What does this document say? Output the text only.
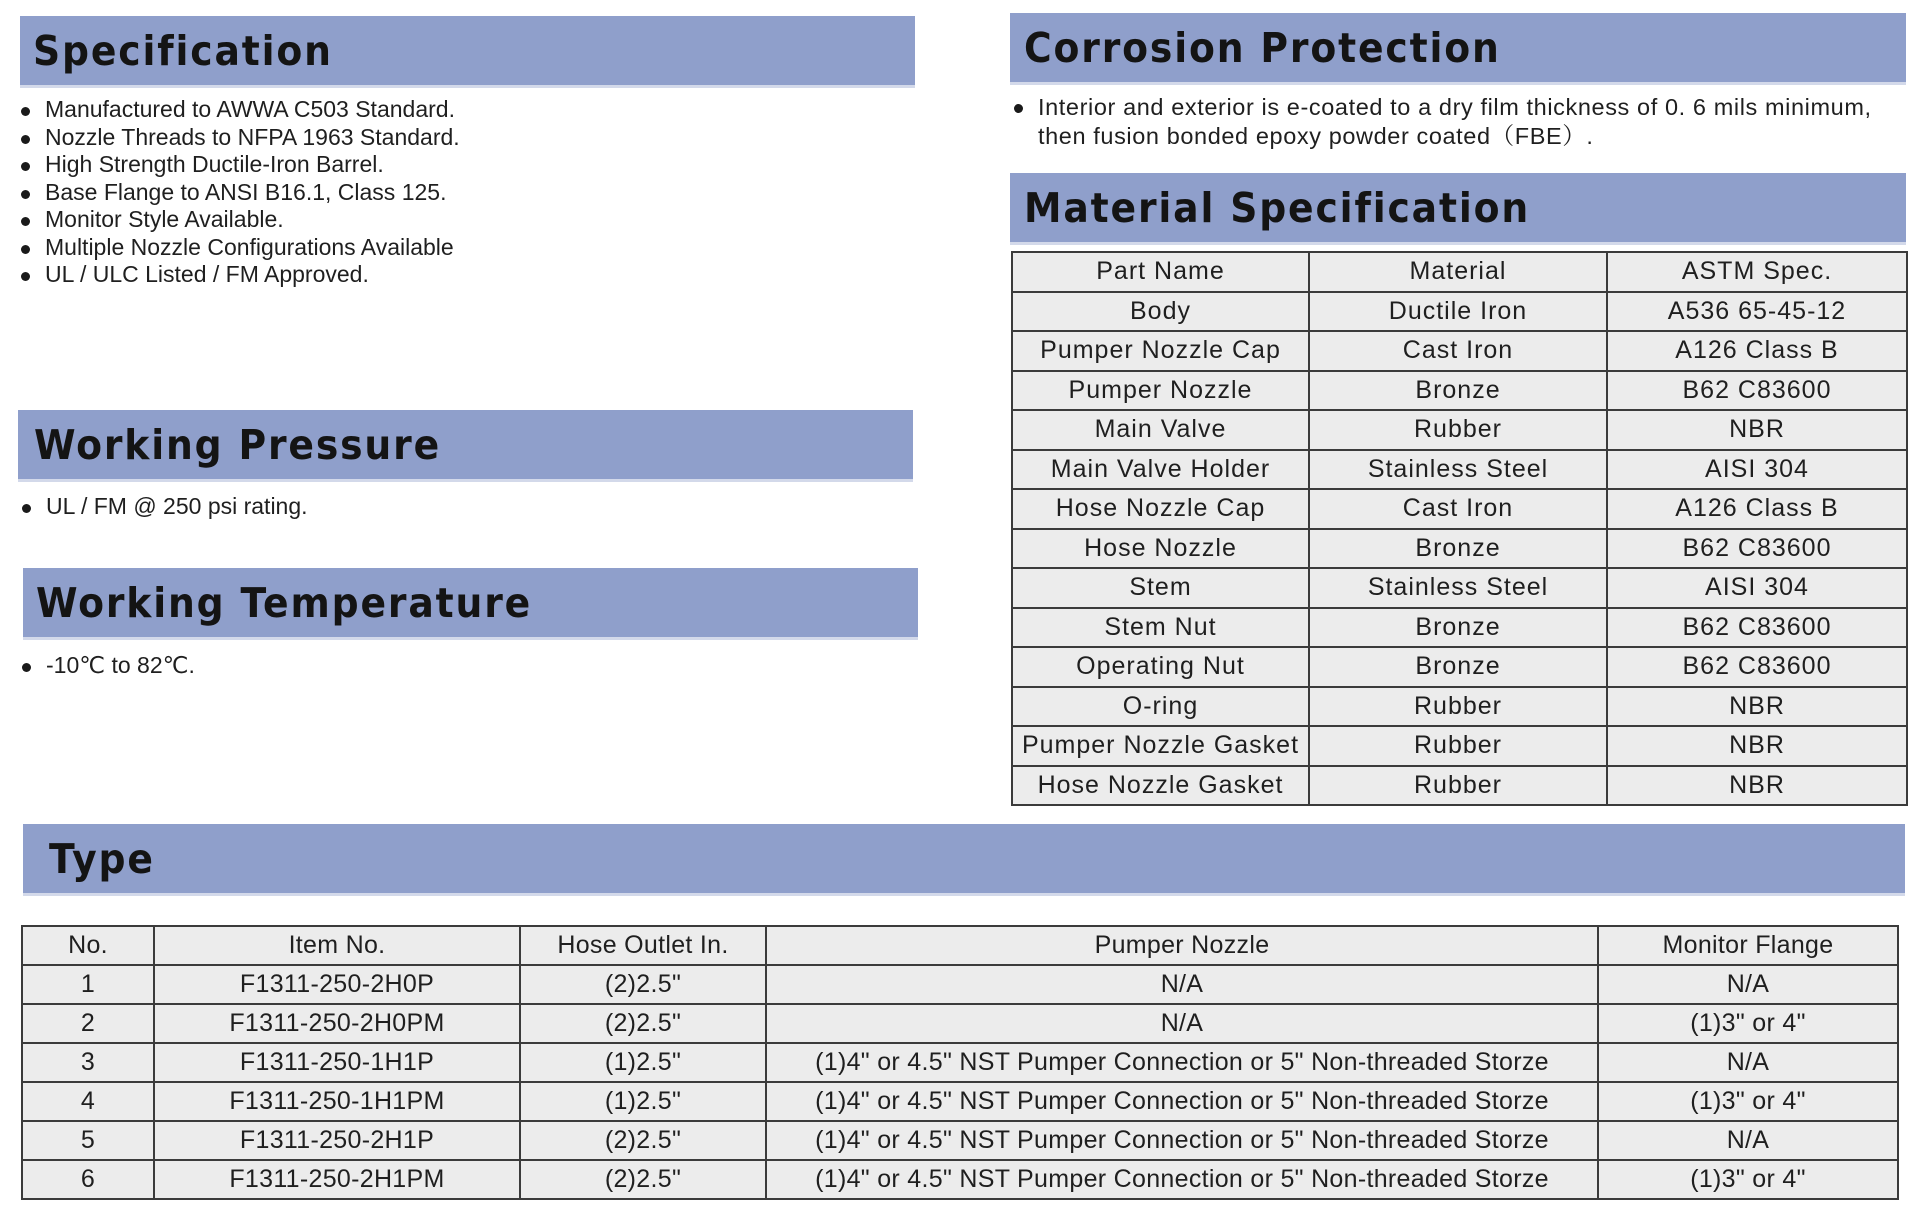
Specification
Manufactured to AWWA C503 Standard.
Nozzle Threads to NFPA 1963 Standard.
High Strength Ductile-Iron Barrel.
Base Flange to ANSI B16.1, Class 125.
Monitor Style Available.
Multiple Nozzle Configurations Available
UL / ULC Listed / FM Approved.
Corrosion Protection
Interior and exterior is e-coated to a dry film thickness of 0. 6 mils minimum, then fusion bonded epoxy powder coated（FBE）.
Material Specification
Part Name	Material	ASTM Spec.
Body	Ductile Iron	A536 65-45-12
Pumper Nozzle Cap	Cast Iron	A126 Class B
Pumper Nozzle	Bronze	B62 C83600
Main Valve	Rubber	NBR
Main Valve Holder	Stainless Steel	AISI 304
Hose Nozzle Cap	Cast Iron	A126 Class B
Hose Nozzle	Bronze	B62 C83600
Stem	Stainless Steel	AISI 304
Stem Nut	Bronze	B62 C83600
Operating Nut	Bronze	B62 C83600
O-ring	Rubber	NBR
Pumper Nozzle Gasket	Rubber	NBR
Hose Nozzle Gasket	Rubber	NBR
Working Pressure
UL / FM @ 250 psi rating.
Working Temperature
-10℃ to 82℃.
Type
No.	Item No.	Hose Outlet In.	Pumper Nozzle	Monitor Flange
1	F1311-250-2H0P	(2)2.5"	N/A	N/A
2	F1311-250-2H0PM	(2)2.5"	N/A	(1)3" or 4"
3	F1311-250-1H1P	(1)2.5"	(1)4" or 4.5" NST Pumper Connection or 5" Non-threaded Storze	N/A
4	F1311-250-1H1PM	(1)2.5"	(1)4" or 4.5" NST Pumper Connection or 5" Non-threaded Storze	(1)3" or 4"
5	F1311-250-2H1P	(2)2.5"	(1)4" or 4.5" NST Pumper Connection or 5" Non-threaded Storze	N/A
6	F1311-250-2H1PM	(2)2.5"	(1)4" or 4.5" NST Pumper Connection or 5" Non-threaded Storze	(1)3" or 4"
